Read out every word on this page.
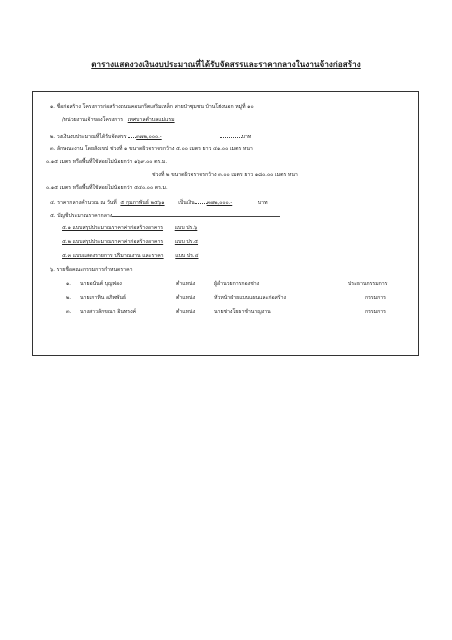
ตารางแสดงวงเงินงบประมาณที่ได้รับจัดสรรและราคากลางในงานจ้างก่อสร้าง
๑. ชื่อก่อสร้าง โครงการก่อสร้างถนนคอนกรีตเสริมเหล็ก สายป่าซุมชน บ้านโฮ่งนอก หมู่ที่ ๑๐
/หน่วยงานเจ้าของโครงการ เทศบาลตำบลแม่แรม
๒. วงเงินงบประมาณที่ได้รับจัดสรร ๓๗๒,๐๐๐.-	บาท
๓. ลักษณะงาน โดยสังเขป ช่วงที่ ๑ ขนาดผิวจราจรกว้าง ๕.๐๐ เมตร ยาว ๔๑.๐๐ เมตร หนา
๐.๑๕ เมตร หรือพื้นที่ใช้สอยไม่น้อยกว่า ๑๖๙.๐๐ ตร.ม.
ช่วงที่ ๒ ขนาดผิวจราจรกว้าง ๓.๐๐ เมตร ยาว ๑๘๐.๐๐ เมตร หนา
๐.๑๕ เมตร หรือพื้นที่ใช้สอยไม่น้อยกว่า ๕๔๐.๐๐ ตร.ม.
๔. ราคากลางคำนวณ ณ วันที่ ๕ กุมภาพันธ์ ๒๕๖๑	เป็นเงิน ๓๗๒,๐๐๐.-	บาท
๕. บัญชีประมาณราคากลาง
๕.๑ แบบสรุปประมาณราคาค่าก่อสร้างอาคาร แบบ ปร.๖
๕.๒ แบบสรุปประมาณราคาค่าก่อสร้างอาคาร แบบ ปร.๕
๕.๓ แบบแสดงรายการ ปริมาณงาน และราคา แบบ ปร.๔
๖. รายชื่อคณะกรรมการกำหนดราคา
๑. นายอนันต์ บุญฟอง	ตำแหน่ง	ผู้อำนวยการกองช่าง	ประธานกรรมการ
๒. นายเกาทิน อภิพพันธ์	ตำแหน่ง	หัวหน้าฝ่ายแบบแผนและก่อสร้าง	กรรมการ
๓. นางสาวลักขณา อินทรงค์	ตำแหน่ง	นายช่างโยธาชำนาญงาน	กรรมการ
